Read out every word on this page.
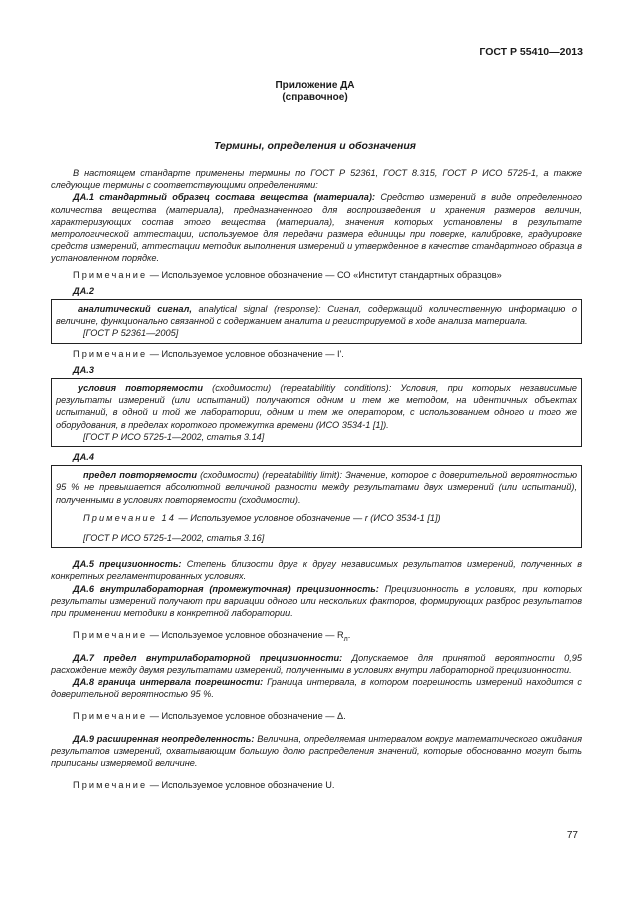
ГОСТ Р 55410—2013
Приложение ДА
(справочное)
Термины, определения и обозначения

В настоящем стандарте применены термины по ГОСТ Р 52361, ГОСТ 8.315, ГОСТ Р ИСО 5725-1, а также следующие термины с соответствующими определениями:

ДА.1 стандартный образец состава вещества (материала): Средство измерений в виде определенного количества вещества (материала), предназначенного для воспроизведения и хранения размеров величин, характеризующих состав этого вещества (материала), значения которых установлены в результате метрологической аттестации, используемое для передачи размера единицы при поверке, калибровке, градуировке средств измерений, аттестации методик выполнения измерений и утвержденное в качестве стандартного образца в установленном порядке.

Примечание — Используемое условное обозначение — СО «Институт стандартных образцов»

ДА.2

аналитический сигнал, analytical signal (response): Сигнал, содержащий количественную информацию о величине, функционально связанной с содержанием аналита и регистрируемой в ходе анализа материала.

[ГОСТ Р 52361—2005]

Примечание — Используемое условное обозначение — I'.

ДА.3

условия повторяемости (сходимости) (repeatabilitiy conditions): Условия, при которых независимые результаты измерений (или испытаний) получаются одним и тем же методом, на идентичных объектах испытаний, в одной и той же лаборатории, одним и тем же оператором, с использованием одного и того же оборудования, в пределах короткого промежутка времени (ИСО 3534-1 [1]).

[ГОСТ Р ИСО 5725-1—2002, статья 3.14]

ДА.4

предел повторяемости (сходимости) (repeatabilitiy limit): Значение, которое с доверительной вероятностью 95 % не превышается абсолютной величиной разности между результатами двух измерений (или испытаний), полученными в условиях повторяемости (сходимости).

Примечание 14 — Используемое условное обозначение — r (ИСО 3534-1 [1])

[ГОСТ Р ИСО 5725-1—2002, статья 3.16]

ДА.5 прецизионность: Степень близости друг к другу независимых результатов измерений, полученных в конкретных регламентированных условиях.

ДА.6 внутрилабораторная (промежуточная) прецизионность: Прецизионность в условиях, при которых результаты измерений получают при вариации одного или нескольких факторов, формирующих разброс результатов при применении методики в конкретной лаборатории.

Примечание — Используемое условное обозначение — $R_л$.

ДА.7 предел внутрилабораторной прецизионности: Допускаемое для принятой вероятности 0,95 расхождение между двумя результатами измерений, полученными в условиях внутри лабораторной прецизионности.

ДА.8 граница интервала погрешности: Граница интервала, в котором погрешность измерений находится с доверительной вероятностью 95 %.

Примечание — Используемое условное обозначение — Δ.

ДА.9 расширенная неопределенность: Величина, определяемая интервалом вокруг математического ожидания результатов измерений, охватывающим большую долю распределения значений, которые обоснованно могут быть приписаны измеряемой величине.

Примечание — Используемое условное обозначение U.

77
